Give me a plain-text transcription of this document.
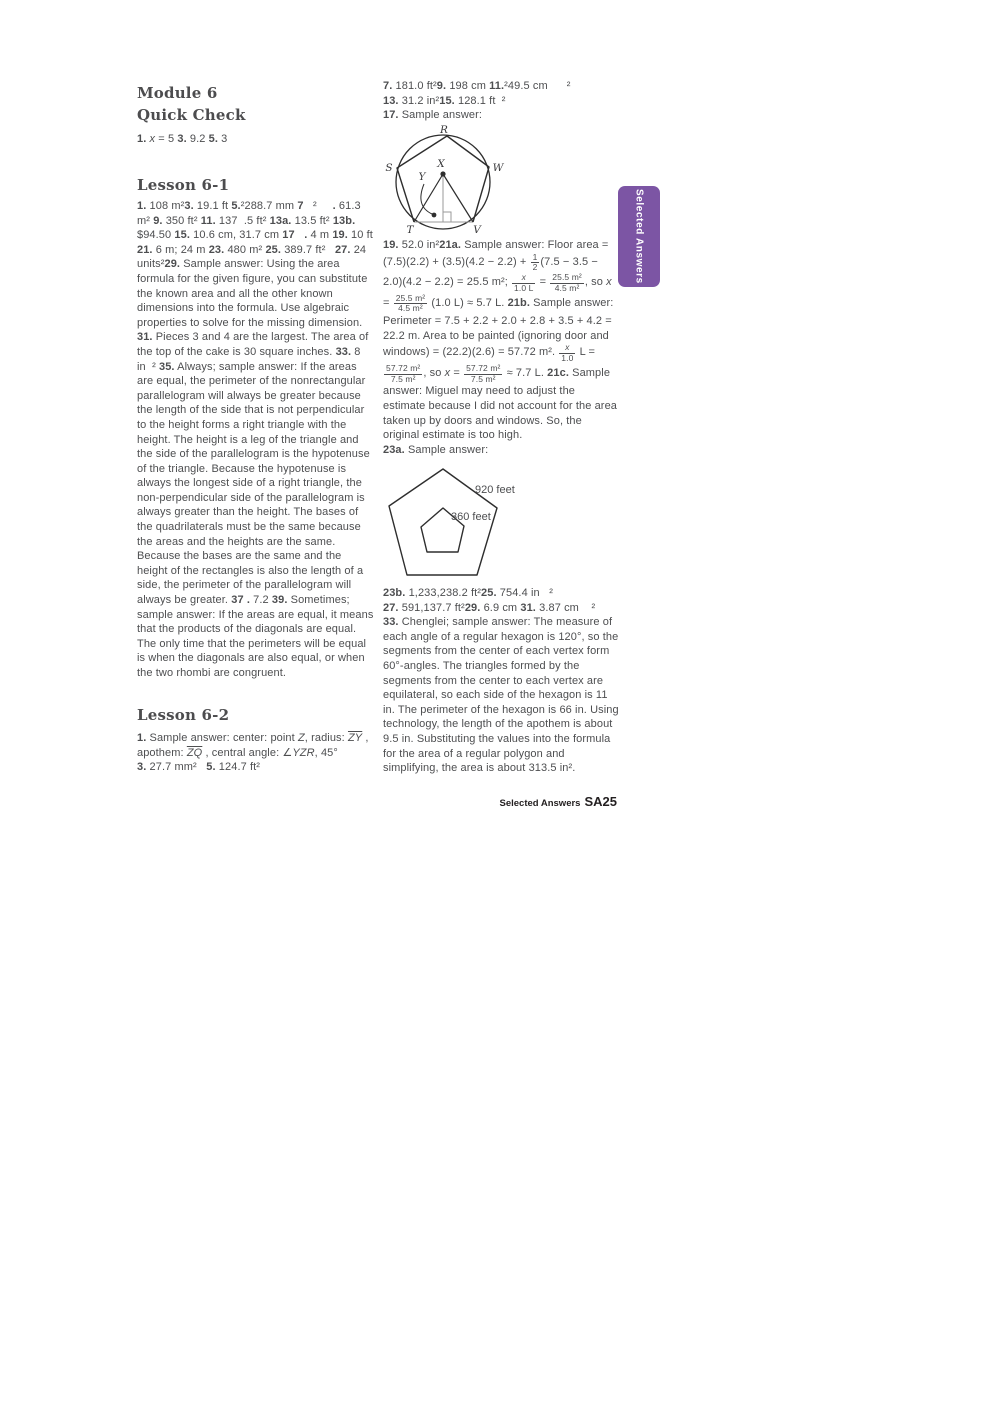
Module 6
Quick Check
1. x = 5 3. 9.2 5. 3
Lesson 6-1
1. 108 m²3. 19.1 ft 5.²288.7 mm 7   ²     . 61.3 m² 9. 350 ft² 11. 137  .5 ft² 13a. 13.5 ft² 13b. $94.50 15. 10.6 cm, 31.7 cm 17 . 4 m 19. 10 ft 21. 6 m; 24 m 23. 480 m² 25. 389.7 ft²   27. 24 units²29. Sample answer: Using the area formula for the given figure, you can substitute the known area and all the other known dimensions into the formula. Use algebraic properties to solve for the missing dimension. 31. Pieces 3 and 4 are the largest. The area of the top of the cake is 30 square inches. 33. 8 in  ² 35. Always; sample answer: If the areas are equal, the perimeter of the nonrectangular parallelogram will always be greater because the length of the side that is not perpendicular to the height forms a right triangle with the height. The height is a leg of the triangle and the side of the parallelogram is the hypotenuse of the triangle. Because the hypotenuse is always the longest side of a right triangle, the non-perpendicular side of the parallelogram is always greater than the height. The bases of the quadrilaterals must be the same because the areas and the heights are the same. Because the bases are the same and the height of the rectangles is also the length of a side, the perimeter of the parallelogram will always be greater. 37 . 7.2 39. Sometimes; sample answer: If the areas are equal, it means that the products of the diagonals are equal. The only time that the perimeters will be equal is when the diagonals are also equal, or when the two rhombi are congruent.
Lesson 6-2
1. Sample answer: center: point Z, radius: $\overline{ZY}$ , apothem: $\overline{ZQ}$ , central angle: ∠YZR, 45°
3. 27.7 mm²   5. 124.7 ft²
7. 181.0 ft²9. 198 cm 11.²49.5 cm      ²
13. 31.2 in²15. 128.1 ft  ²
17. Sample answer:
R
S	W
X
Y
T	V
19. 52.0 in²21a. Sample answer: Floor area = $(7.5)(2.2) + (3.5)(4.2 - 2.2) + \frac{1}{2} (7.5 - 3.5 - 2.0)(4.2 - 2.2) = 25.5$ m²; $\frac{x}{1.0 L} = \frac{\text{25.5 m²}}{\text{4.5 m²}}$ , so $x = \frac{\text{25.5 m²}}{\text{4.5 m²}} (1.0$ L) ≈ 5.7 L. 21b. Sample answer: Perimeter = 7.5 + 2.2 + 2.0 + 2.8 + 3.5 + 4.2 = 22.2 m. Area to be painted (ignoring door and windows) = (22.2)(2.6) = 57.72 m². $\frac{x}{1.0}$ L =
$\frac{\text{57.72 m²}}{\text{7.5 m²}}$ , so $x = \frac{\text{57.72 m²}}{\text{7.5 m²}} \approx 7.7$ L. 21c. Sample answer: Miguel may need to adjust the estimate because I did not account for the area taken up by doors and windows. So, the original estimate is too high.
23a. Sample answer:
920 feet
360 feet
23b. 1,233,238.2 ft²25. 754.4 in   ²
27. 591,137.7 ft²29. 6.9 cm 31. 3.87 cm    ²
33. Chenglei; sample answer: The measure of each angle of a regular hexagon is 120°, so the segments from the center of each vertex form 60°-angles. The triangles formed by the segments from the center to each vertex are equilateral, so each side of the hexagon is 11 in. The perimeter of the hexagon is 66 in. Using technology, the length of the apothem is about 9.5 in. Substituting the values into the formula for the area of a regular polygon and simplifying, the area is about 313.5 in².
Selected Answers
Selected Answers SA25
